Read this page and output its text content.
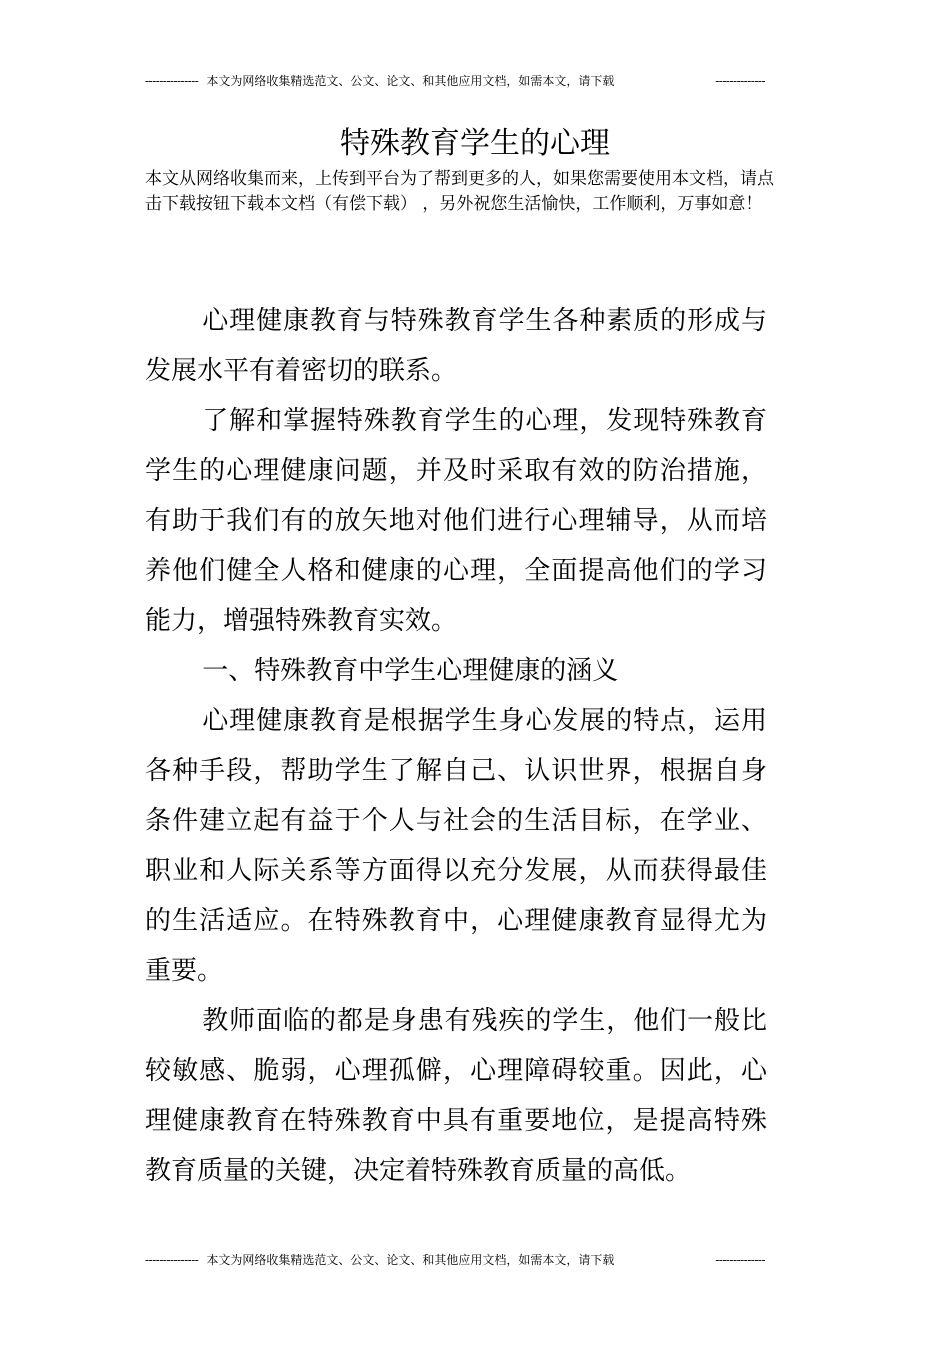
--------------- 本文为网络收集精选范文、公文、论文、和其他应用文档，如需本文，请下载	--------------
特殊教育学生的心理
本文从网络收集而来，上传到平台为了帮到更多的人，如果您需要使用本文档，请点击下载按钮下载本文档（有偿下载） ，另外祝您生活愉快，工作顺利，万事如意！

心理健康教育与特殊教育学生各种素质的形成与发展水平有着密切的联系。

了解和掌握特殊教育学生的心理，发现特殊教育学生的心理健康问题，并及时采取有效的防治措施，有助于我们有的放矢地对他们进行心理辅导，从而培养他们健全人格和健康的心理，全面提高他们的学习能力，增强特殊教育实效。

一、特殊教育中学生心理健康的涵义

心理健康教育是根据学生身心发展的特点，运用各种手段，帮助学生了解自己、认识世界，根据自身条件建立起有益于个人与社会的生活目标，在学业、职业和人际关系等方面得以充分发展，从而获得最佳的生活适应。在特殊教育中，心理健康教育显得尤为重要。

教师面临的都是身患有残疾的学生，他们一般比较敏感、脆弱，心理孤僻，心理障碍较重。因此，心理健康教育在特殊教育中具有重要地位，是提高特殊教育质量的关键，决定着特殊教育质量的高低。

--------------- 本文为网络收集精选范文、公文、论文、和其他应用文档，如需本文，请下载	--------------
